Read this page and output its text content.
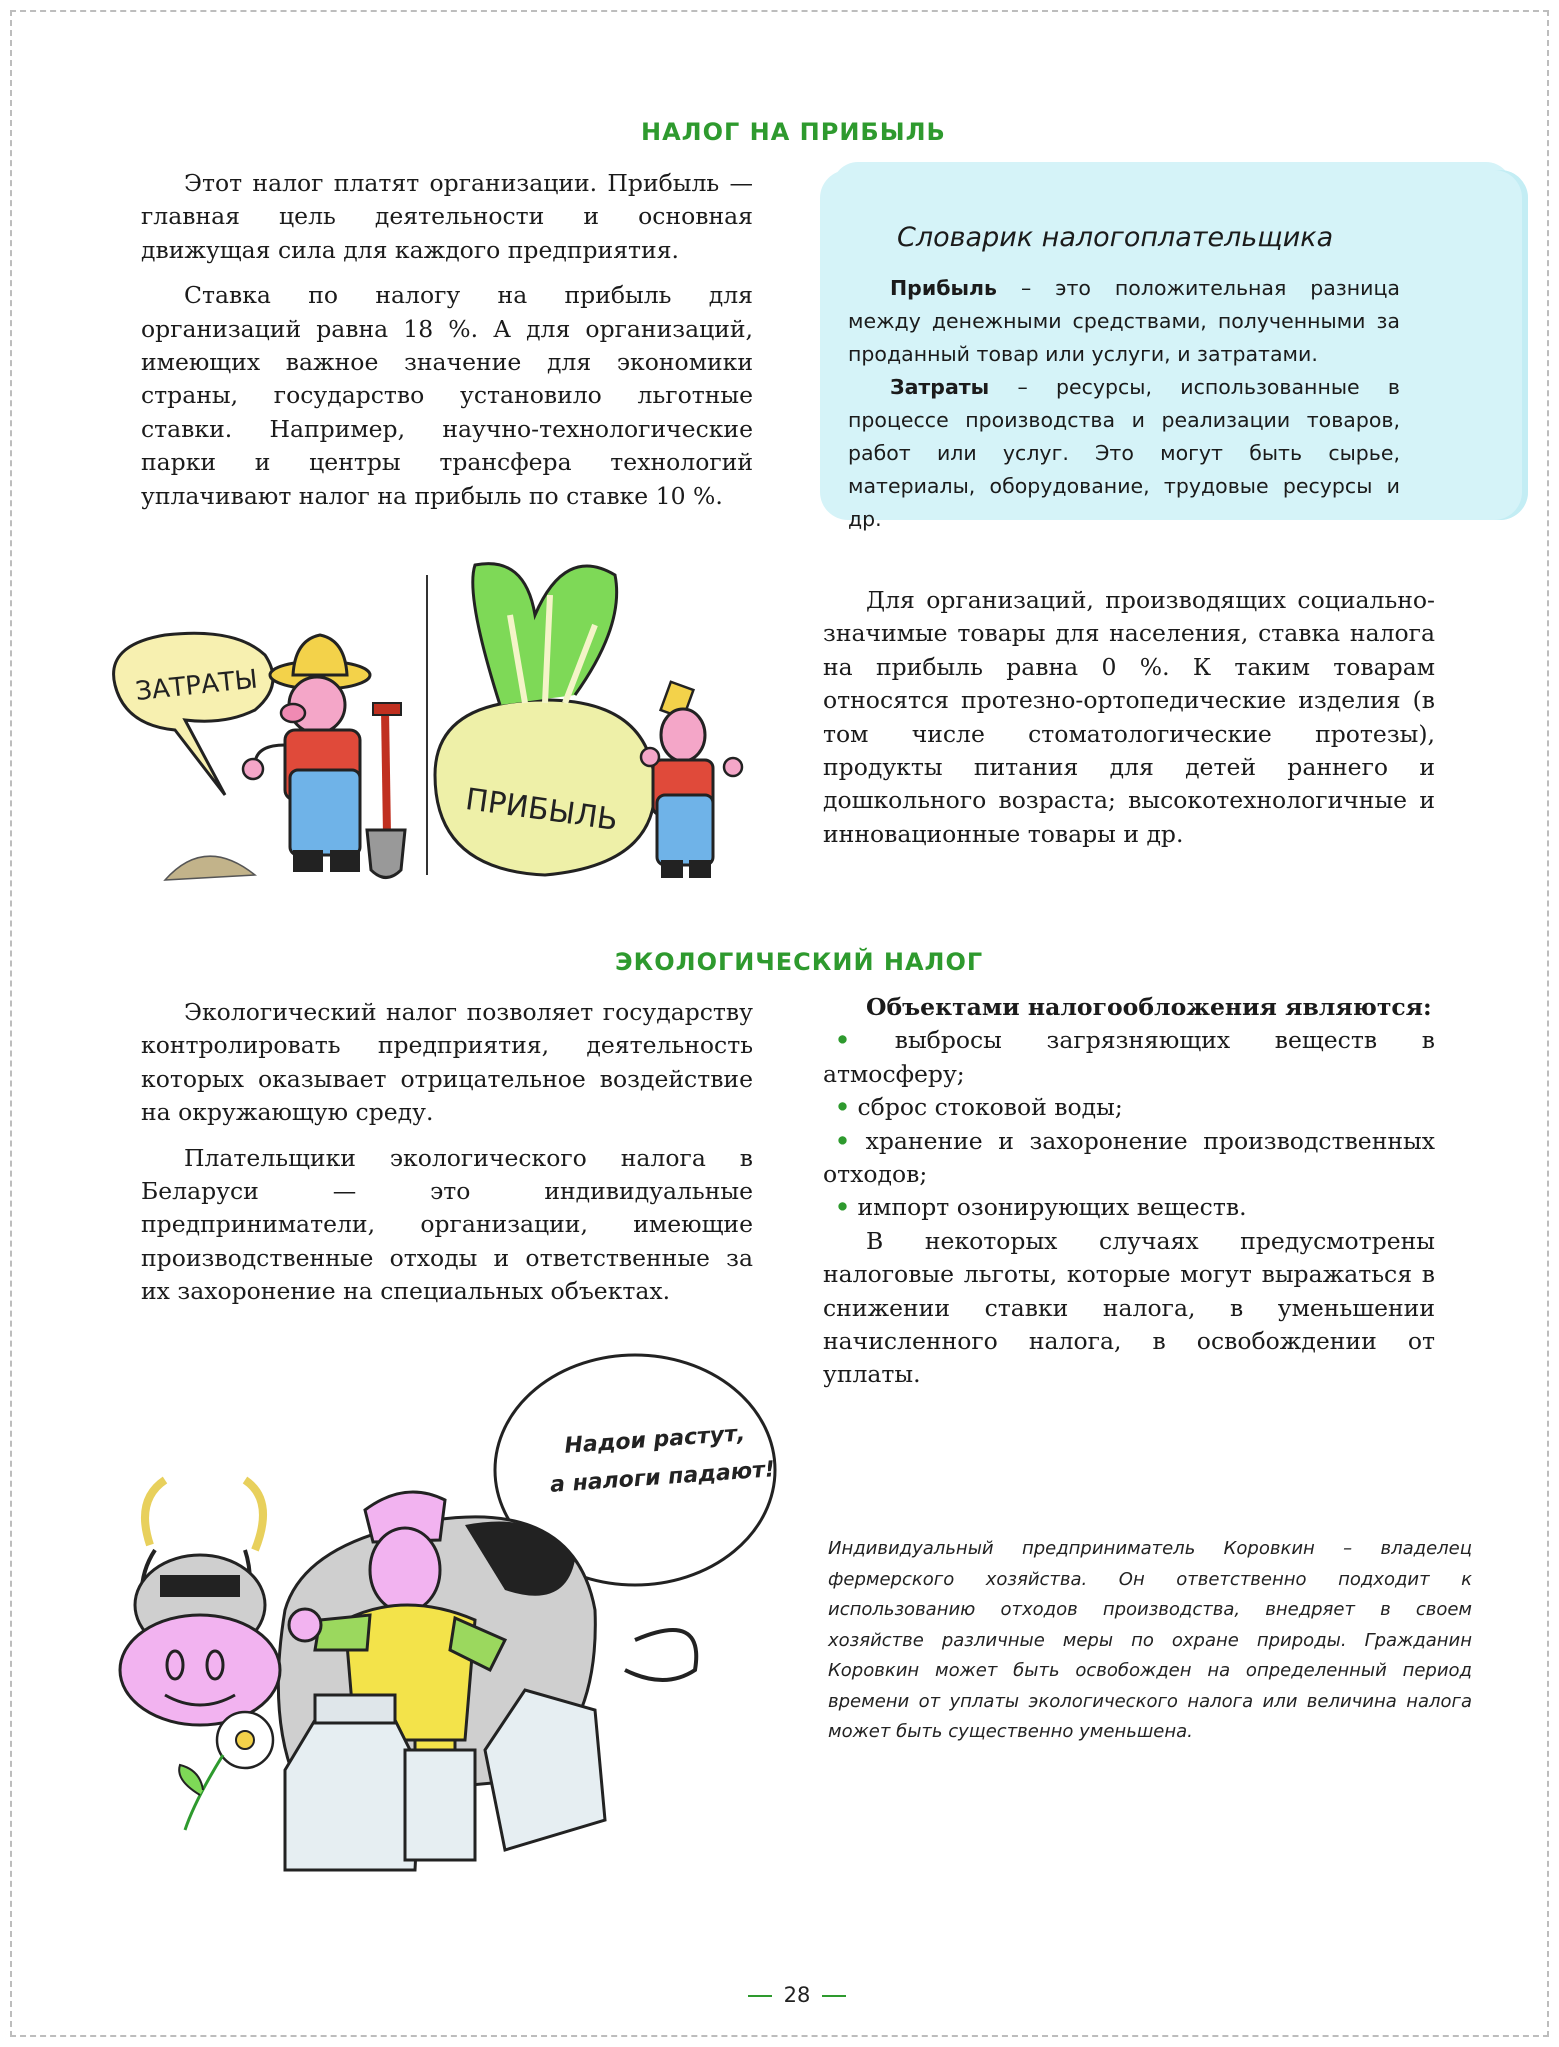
НАЛОГ НА ПРИБЫЛЬ

Этот налог платят организации. Прибыль — главная цель деятельности и основная движущая сила для каждого предприятия.

Ставка по налогу на прибыль для организаций равна 18 %. А для организаций, имеющих важное значение для экономики страны, государство установило льготные ставки. Например, научно-технологические парки и центры трансфера технологий уплачивают налог на прибыль по ставке 10 %.

Словарик налогоплательщика

Прибыль – это положительная разница между денежными средствами, полученными за проданный товар или услуги, и затратами.

Затраты – ресурсы, использованные в процессе производства и реализации товаров, работ или услуг. Это могут быть сырье, материалы, оборудование, трудовые ресурсы и др.

ЗАТРАТЫ
ПРИБЫЛЬ

Для организаций, производящих социально-значимые товары для населения, ставка налога на прибыль равна 0 %. К таким товарам относятся протезно-ортопедические изделия (в том числе стоматологические протезы), продукты питания для детей раннего и дошкольного возраста; высокотехнологичные и инновационные товары и др.

ЭКОЛОГИЧЕСКИЙ НАЛОГ

Экологический налог позволяет государству контролировать предприятия, деятельность которых оказывает отрицательное воздействие на окружающую среду.

Плательщики экологического налога в Беларуси — это индивидуальные предприниматели, организации, имеющие производственные отходы и ответственные за их захоронение на специальных объектах.

Объектами налогообложения являются:

• выбросы загрязняющих веществ в атмосферу;
• сброс стоковой воды;
• хранение и захоронение производственных отходов;
• импорт озонирующих веществ.

В некоторых случаях предусмотрены налоговые льготы, которые могут выражаться в снижении ставки налога, в уменьшении начисленного налога, в освобождении от уплаты.

Надои растут,
а налоги падают!
Индивидуальный предприниматель Коровкин – владелец фермерского хозяйства. Он ответственно подходит к использованию отходов производства, внедряет в своем хозяйстве различные меры по охране природы. Гражданин Коровкин может быть освобожден на определенный период времени от уплаты экологического налога или величина налога может быть существенно уменьшена.
28
